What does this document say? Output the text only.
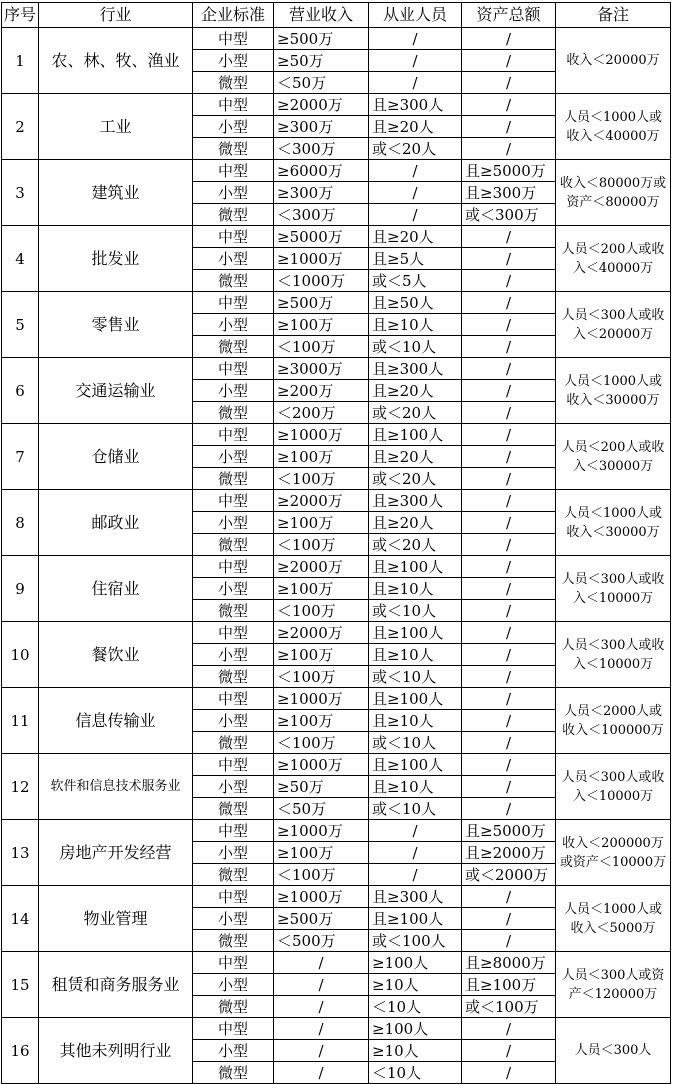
序号	行业	企业标准	营业收入	从业人员	资产总额	备注
1	农、林、牧、渔业	中型	≥500万	/	/	收入＜20000万
		小型	≥50万	/	/	
		微型	＜50万	/	/	
2	工业	中型	≥2000万	且≥300人	/	人员＜1000人或收入＜40000万
		小型	≥300万	且≥20人	/	
		微型	＜300万	或＜20人	/	
3	建筑业	中型	≥6000万	/	且≥5000万	收入＜80000万或资产＜80000万
		小型	≥300万	/	且≥300万	
		微型	＜300万	/	或＜300万	
4	批发业	中型	≥5000万	且≥20人	/	人员＜200人或收入＜40000万
		小型	≥1000万	且≥5人	/	
		微型	＜1000万	或＜5人	/	
5	零售业	中型	≥500万	且≥50人	/	人员＜300人或收入＜20000万
		小型	≥100万	且≥10人	/	
		微型	＜100万	或＜10人	/	
6	交通运输业	中型	≥3000万	且≥300人	/	人员＜1000人或收入＜30000万
		小型	≥200万	且≥20人	/	
		微型	＜200万	或＜20人	/	
7	仓储业	中型	≥1000万	且≥100人	/	人员＜200人或收入＜30000万
		小型	≥100万	且≥20人	/	
		微型	＜100万	或＜20人	/	
8	邮政业	中型	≥2000万	且≥300人	/	人员＜1000人或收入＜30000万
		小型	≥100万	且≥20人	/	
		微型	＜100万	或＜20人	/	
9	住宿业	中型	≥2000万	且≥100人	/	人员＜300人或收入＜10000万
		小型	≥100万	且≥10人	/	
		微型	＜100万	或＜10人	/	
10	餐饮业	中型	≥2000万	且≥100人	/	人员＜300人或收入＜10000万
		小型	≥100万	且≥10人	/	
		微型	＜100万	或＜10人	/	
11	信息传输业	中型	≥1000万	且≥100人	/	人员＜2000人或收入＜100000万
		小型	≥100万	且≥10人	/	
		微型	＜100万	或＜10人	/	
12	软件和信息技术服务业	中型	≥1000万	且≥100人	/	人员＜300人或收入＜10000万
		小型	≥50万	且≥10人	/	
		微型	＜50万	或＜10人	/	
13	房地产开发经营	中型	≥1000万	/	且≥5000万	收入＜200000万或资产＜10000万
		小型	≥100万	/	且≥2000万	
		微型	＜100万	/	或＜2000万	
14	物业管理	中型	≥1000万	且≥300人	/	人员＜1000人或收入＜5000万
		小型	≥500万	且≥100人	/	
		微型	＜500万	或＜100人	/	
15	租赁和商务服务业	中型	/	≥100人	且≥8000万	人员＜300人或资产＜120000万
		小型	/	≥10人	且≥100万	
		微型	/	＜10人	或＜100万	
16	其他未列明行业	中型	/	≥100人	/	人员＜300人
		小型	/	≥10人	/	
		微型	/	＜10人	/	
